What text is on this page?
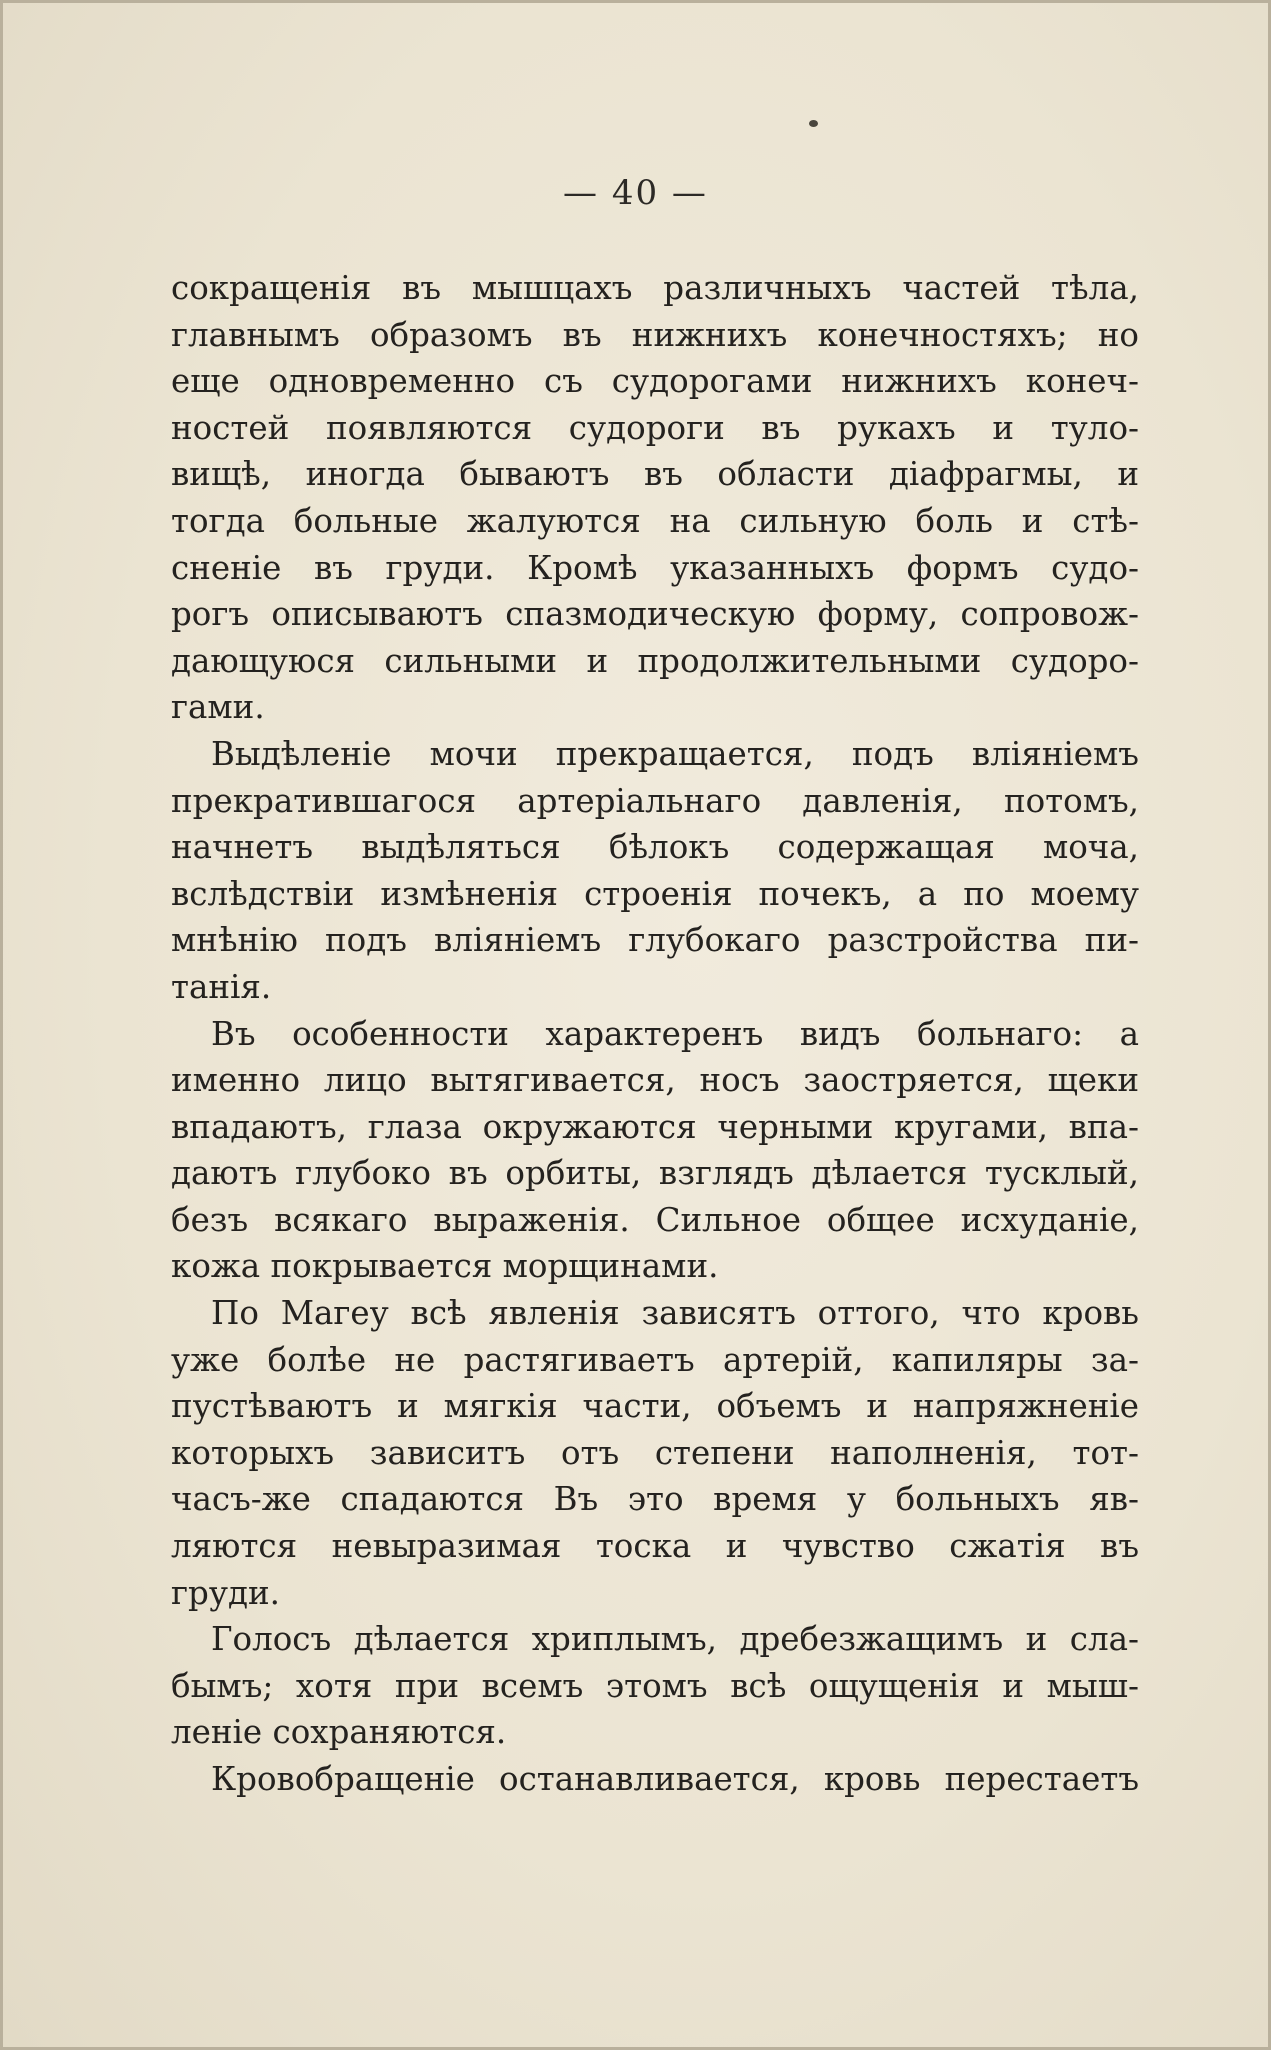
— 40 —
сокращенія въ мышцахъ различныхъ частей тѣла,
главнымъ образомъ въ нижнихъ конечностяхъ; но
еще одновременно съ судорогами нижнихъ конеч-
ностей появляются судороги въ рукахъ и туло-
вищѣ, иногда бываютъ въ области діафрагмы, и
тогда больные жалуются на сильную боль и стѣ-
сненіе въ груди. Кромѣ указанныхъ формъ судо-
рогъ описываютъ спазмодическую форму, сопровож-
дающуюся сильными и продолжительными судоро-
гами.
Выдѣленіе мочи прекращается, подъ вліяніемъ
прекратившагося артеріальнаго давленія, потомъ,
начнетъ выдѣляться бѣлокъ содержащая моча,
вслѣдствіи измѣненія строенія почекъ, а по моему
мнѣнію подъ вліяніемъ глубокаго разстройства пи-
танія.
Въ особенности характеренъ видъ больнаго: а
именно лицо вытягивается, носъ заостряется, щеки
впадаютъ, глаза окружаются черными кругами, впа-
даютъ глубоко въ орбиты, взглядъ дѣлается тусклый,
безъ всякаго выраженія. Сильное общее исхуданіе,
кожа покрывается морщинами.
По Магеу всѣ явленія зависятъ оттого, что кровь
уже болѣе не растягиваетъ артерій, капиляры за-
пустѣваютъ и мягкія части, объемъ и напряжненіе
которыхъ зависитъ отъ степени наполненія, тот-
часъ-же спадаются Въ это время у больныхъ яв-
ляются невыразимая тоска и чувство сжатія въ
груди.
Голосъ дѣлается хриплымъ, дребезжащимъ и сла-
бымъ; хотя при всемъ этомъ всѣ ощущенія и мыш-
леніе сохраняются.
Кровобращеніе останавливается, кровь перестаетъ
